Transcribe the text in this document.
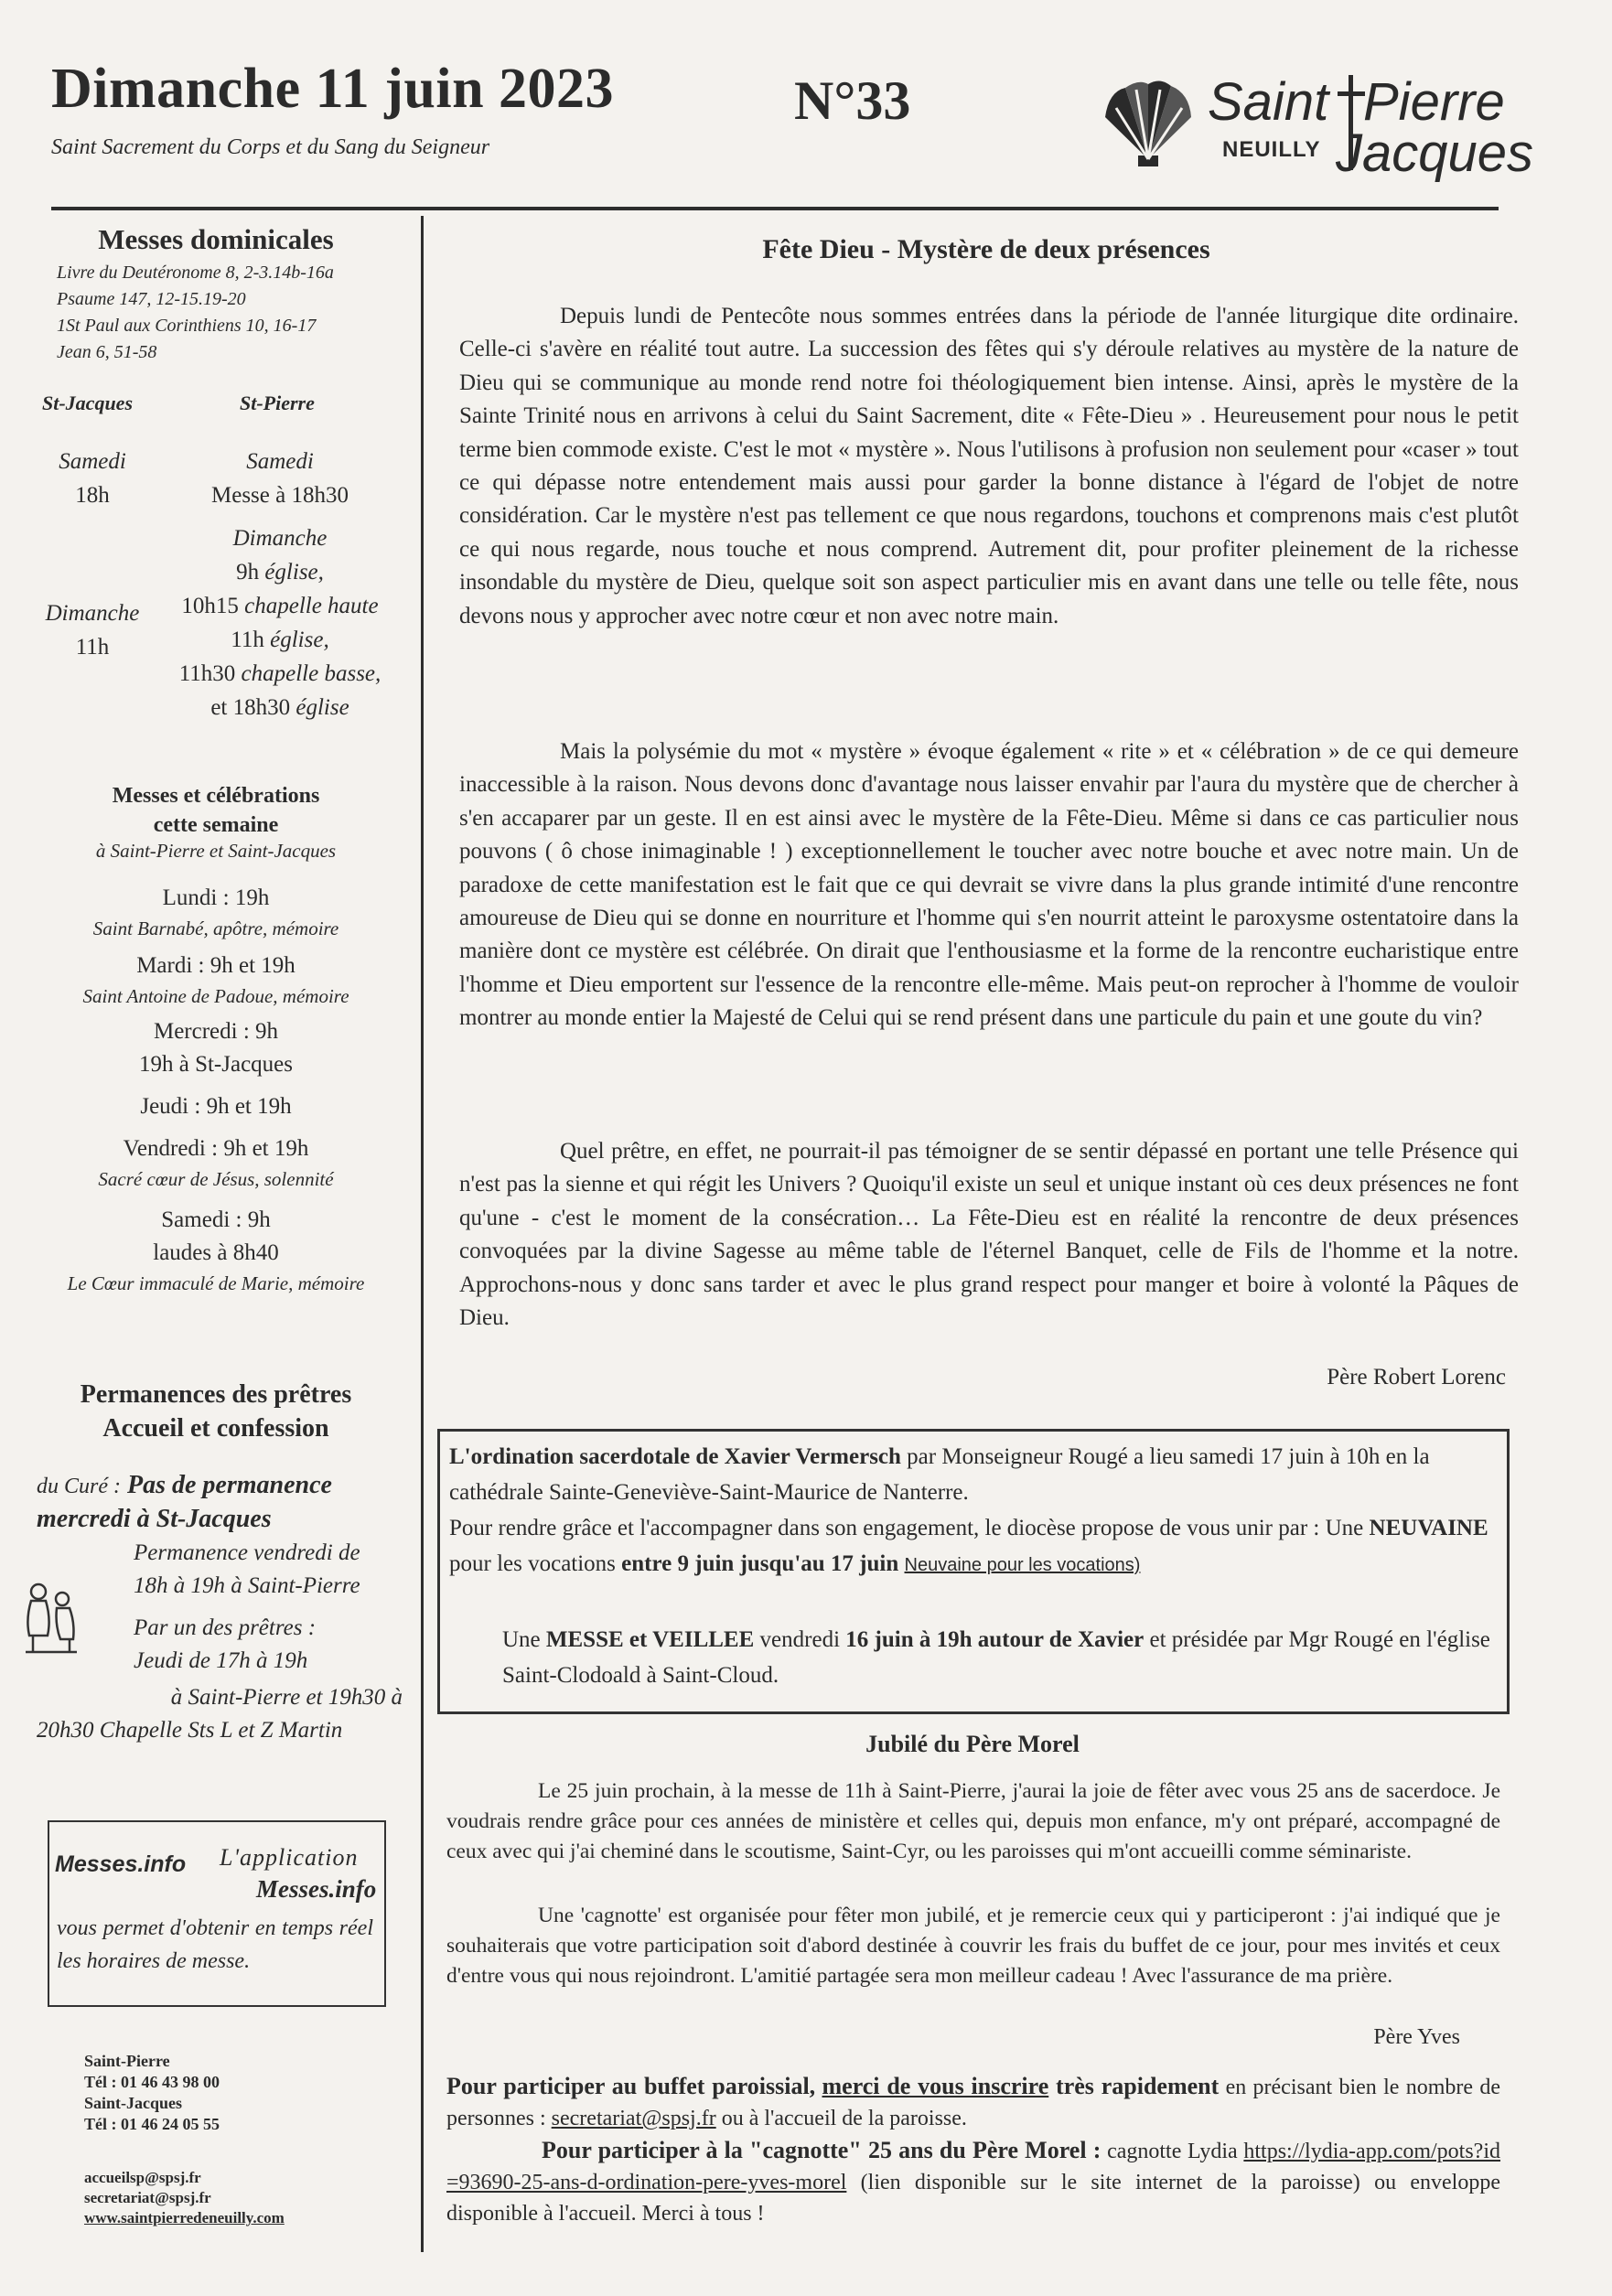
Dimanche 11 juin 2023	N°33
Saint Sacrement du Corps et du Sang du Seigneur
Saint Pierre
NEUILLY Jacques
Messes dominicales
Livre du Deutéronome 8, 2-3.14b-16a
Psaume 147, 12-15.19-20
1St Paul aux Corinthiens 10, 16-17
Jean 6, 51-58
St-Jacques	St-Pierre
Samedi
18h
Dimanche
11h
Samedi
Messe à 18h30
Dimanche
9h église,
10h15 chapelle haute
11h église,
11h30 chapelle basse,
et 18h30 église
Messes et célébrations
cette semaine
à Saint-Pierre et Saint-Jacques
Lundi : 19h
Saint Barnabé, apôtre, mémoire
Mardi : 9h et 19h
Saint Antoine de Padoue, mémoire
Mercredi : 9h
19h à St-Jacques
Jeudi : 9h et 19h
Vendredi : 9h et 19h
Sacré cœur de Jésus, solennité
Samedi : 9h
laudes à 8h40
Le Cœur immaculé de Marie, mémoire
Permanences des prêtres
Accueil et confession
du Curé : Pas de permanence mercredi à St-Jacques
Permanence vendredi de
18h à 19h à Saint-Pierre
Par un des prêtres :
Jeudi de 17h à 19h
à Saint-Pierre et 19h30 à
20h30 Chapelle Sts L et Z Martin
Messes.info L'application
Messes.info
vous permet d'obtenir en temps réel les horaires de messe.
Saint-Pierre
Tél : 01 46 43 98 00
Saint-Jacques
Tél : 01 46 24 05 55
accueilsp@spsj.fr
secretariat@spsj.fr
www.saintpierredeneuilly.com
Fête Dieu - Mystère de deux présences
Depuis lundi de Pentecôte nous sommes entrées dans la période de l'année liturgique dite ordinaire. Celle-ci s'avère en réalité tout autre. La succession des fêtes qui s'y déroule relatives au mystère de la nature de Dieu qui se communique au monde rend notre foi théologiquement bien intense. Ainsi, après le mystère de la Sainte Trinité nous en arrivons à celui du Saint Sacrement, dite « Fête-Dieu » . Heureusement pour nous le petit terme bien commode existe. C'est le mot « mystère ». Nous l'utilisons à profusion non seulement pour «caser » tout ce qui dépasse notre entendement mais aussi pour garder la bonne distance à l'égard de l'objet de notre considération. Car le mystère n'est pas tellement ce que nous regardons, touchons et comprenons mais c'est plutôt ce qui nous regarde, nous touche et nous comprend. Autrement dit, pour profiter pleinement de la richesse insondable du mystère de Dieu, quelque soit son aspect particulier mis en avant dans une telle ou telle fête, nous devons nous y approcher avec notre cœur et non avec notre main.
Mais la polysémie du mot « mystère » évoque également « rite » et « célébration » de ce qui demeure inaccessible à la raison. Nous devons donc d'avantage nous laisser envahir par l'aura du mystère que de chercher à s'en accaparer par un geste. Il en est ainsi avec le mystère de la Fête-Dieu. Même si dans ce cas particulier nous pouvons ( ô chose inimaginable ! ) exceptionnellement le toucher avec notre bouche et avec notre main. Un de paradoxe de cette manifestation est le fait que ce qui devrait se vivre dans la plus grande intimité d'une rencontre amoureuse de Dieu qui se donne en nourriture et l'homme qui s'en nourrit atteint le paroxysme ostentatoire dans la manière dont ce mystère est célébrée. On dirait que l'enthousiasme et la forme de la rencontre eucharistique entre l'homme et Dieu emportent sur l'essence de la rencontre elle-même. Mais peut-on reprocher à l'homme de vouloir montrer au monde entier la Majesté de Celui qui se rend présent dans une particule du pain et une goute du vin?
Quel prêtre, en effet, ne pourrait-il pas témoigner de se sentir dépassé en portant une telle Présence qui n'est pas la sienne et qui régit les Univers ? Quoiqu'il existe un seul et unique instant où ces deux présences ne font qu'une - c'est le moment de la consécration… La Fête-Dieu est en réalité la rencontre de deux présences convoquées par la divine Sagesse au même table de l'éternel Banquet, celle de Fils de l'homme et la notre. Approchons-nous y donc sans tarder et avec le plus grand respect pour manger et boire à volonté la Pâques de Dieu.
Père Robert Lorenc
L'ordination sacerdotale de Xavier Vermersch par Monseigneur Rougé a lieu samedi 17 juin à 10h en la cathédrale Sainte-Geneviève-Saint-Maurice de Nanterre.
Pour rendre grâce et l'accompagner dans son engagement, le diocèse propose de vous unir par : Une NEUVAINE pour les vocations entre 9 juin jusqu'au 17 juin Neuvaine pour les vocations)
Une MESSE et VEILLEE vendredi 16 juin à 19h autour de Xavier et présidée par Mgr Rougé en l'église Saint-Clodoald à Saint-Cloud.
Jubilé du Père Morel
Le 25 juin prochain, à la messe de 11h à Saint-Pierre, j'aurai la joie de fêter avec vous 25 ans de sacerdoce. Je voudrais rendre grâce pour ces années de ministère et celles qui, depuis mon enfance, m'y ont préparé, accompagné de ceux avec qui j'ai cheminé dans le scoutisme, Saint-Cyr, ou les paroisses qui m'ont accueilli comme séminariste.
Une 'cagnotte' est organisée pour fêter mon jubilé, et je remercie ceux qui y participeront : j'ai indiqué que je souhaiterais que votre participation soit d'abord destinée à couvrir les frais du buffet de ce jour, pour mes invités et ceux d'entre vous qui nous rejoindront. L'amitié partagée sera mon meilleur cadeau ! Avec l'assurance de ma prière.
Père Yves
Pour participer au buffet paroissial, merci de vous inscrire très rapidement en précisant bien le nombre de personnes : secretariat@spsj.fr ou à l'accueil de la paroisse.
Pour participer à la "cagnotte" 25 ans du Père Morel : cagnotte Lydia https://lydia-app.com/pots?id=93690-25-ans-d-ordination-pere-yves-morel (lien disponible sur le site internet de la paroisse) ou enveloppe disponible à l'accueil. Merci à tous !
